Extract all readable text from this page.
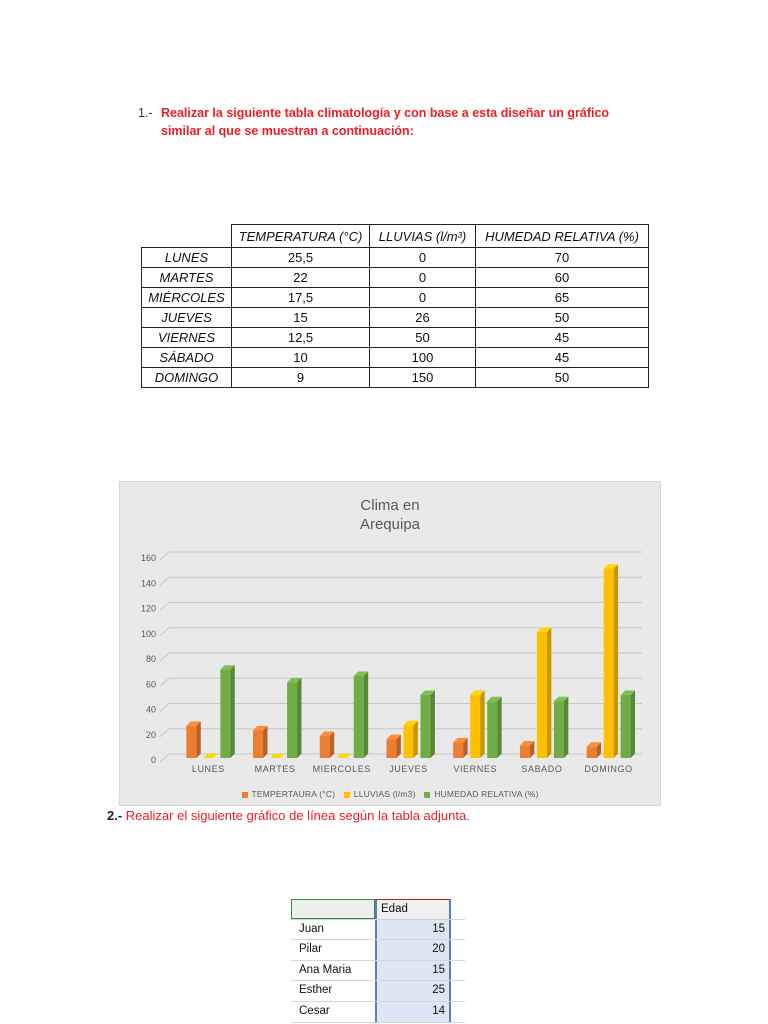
1.- Realizar la siguiente tabla climatología y con base a esta diseñar un gráfico similar al que se muestran a continuación:
	TEMPERATURA (°C)	LLUVIAS (l/m³)	HUMEDAD RELATIVA (%)
LUNES	25,5	0	70
MARTES	22	0	60
MIÉRCOLES	17,5	0	65
JUEVES	15	26	50
VIERNES	12,5	50	45
SÁBADO	10	100	45
DOMINGO	9	150	50
Clima en
Arequipa
0
20
40
60
80
100
120
140
160
LUNES	MARTES MIERCOLES JUEVES	VIERNES	SABADO DOMINGO
TEMPERTAURA (°C) LLUVIAS (l/m3) HUMEDAD RELATIVA (%)
2.- Realizar el siguiente gráfico de línea según la tabla adjunta.
Edad
Juan	15
Pilar	20
Ana Maria	15
Esther	25
Cesar	14
